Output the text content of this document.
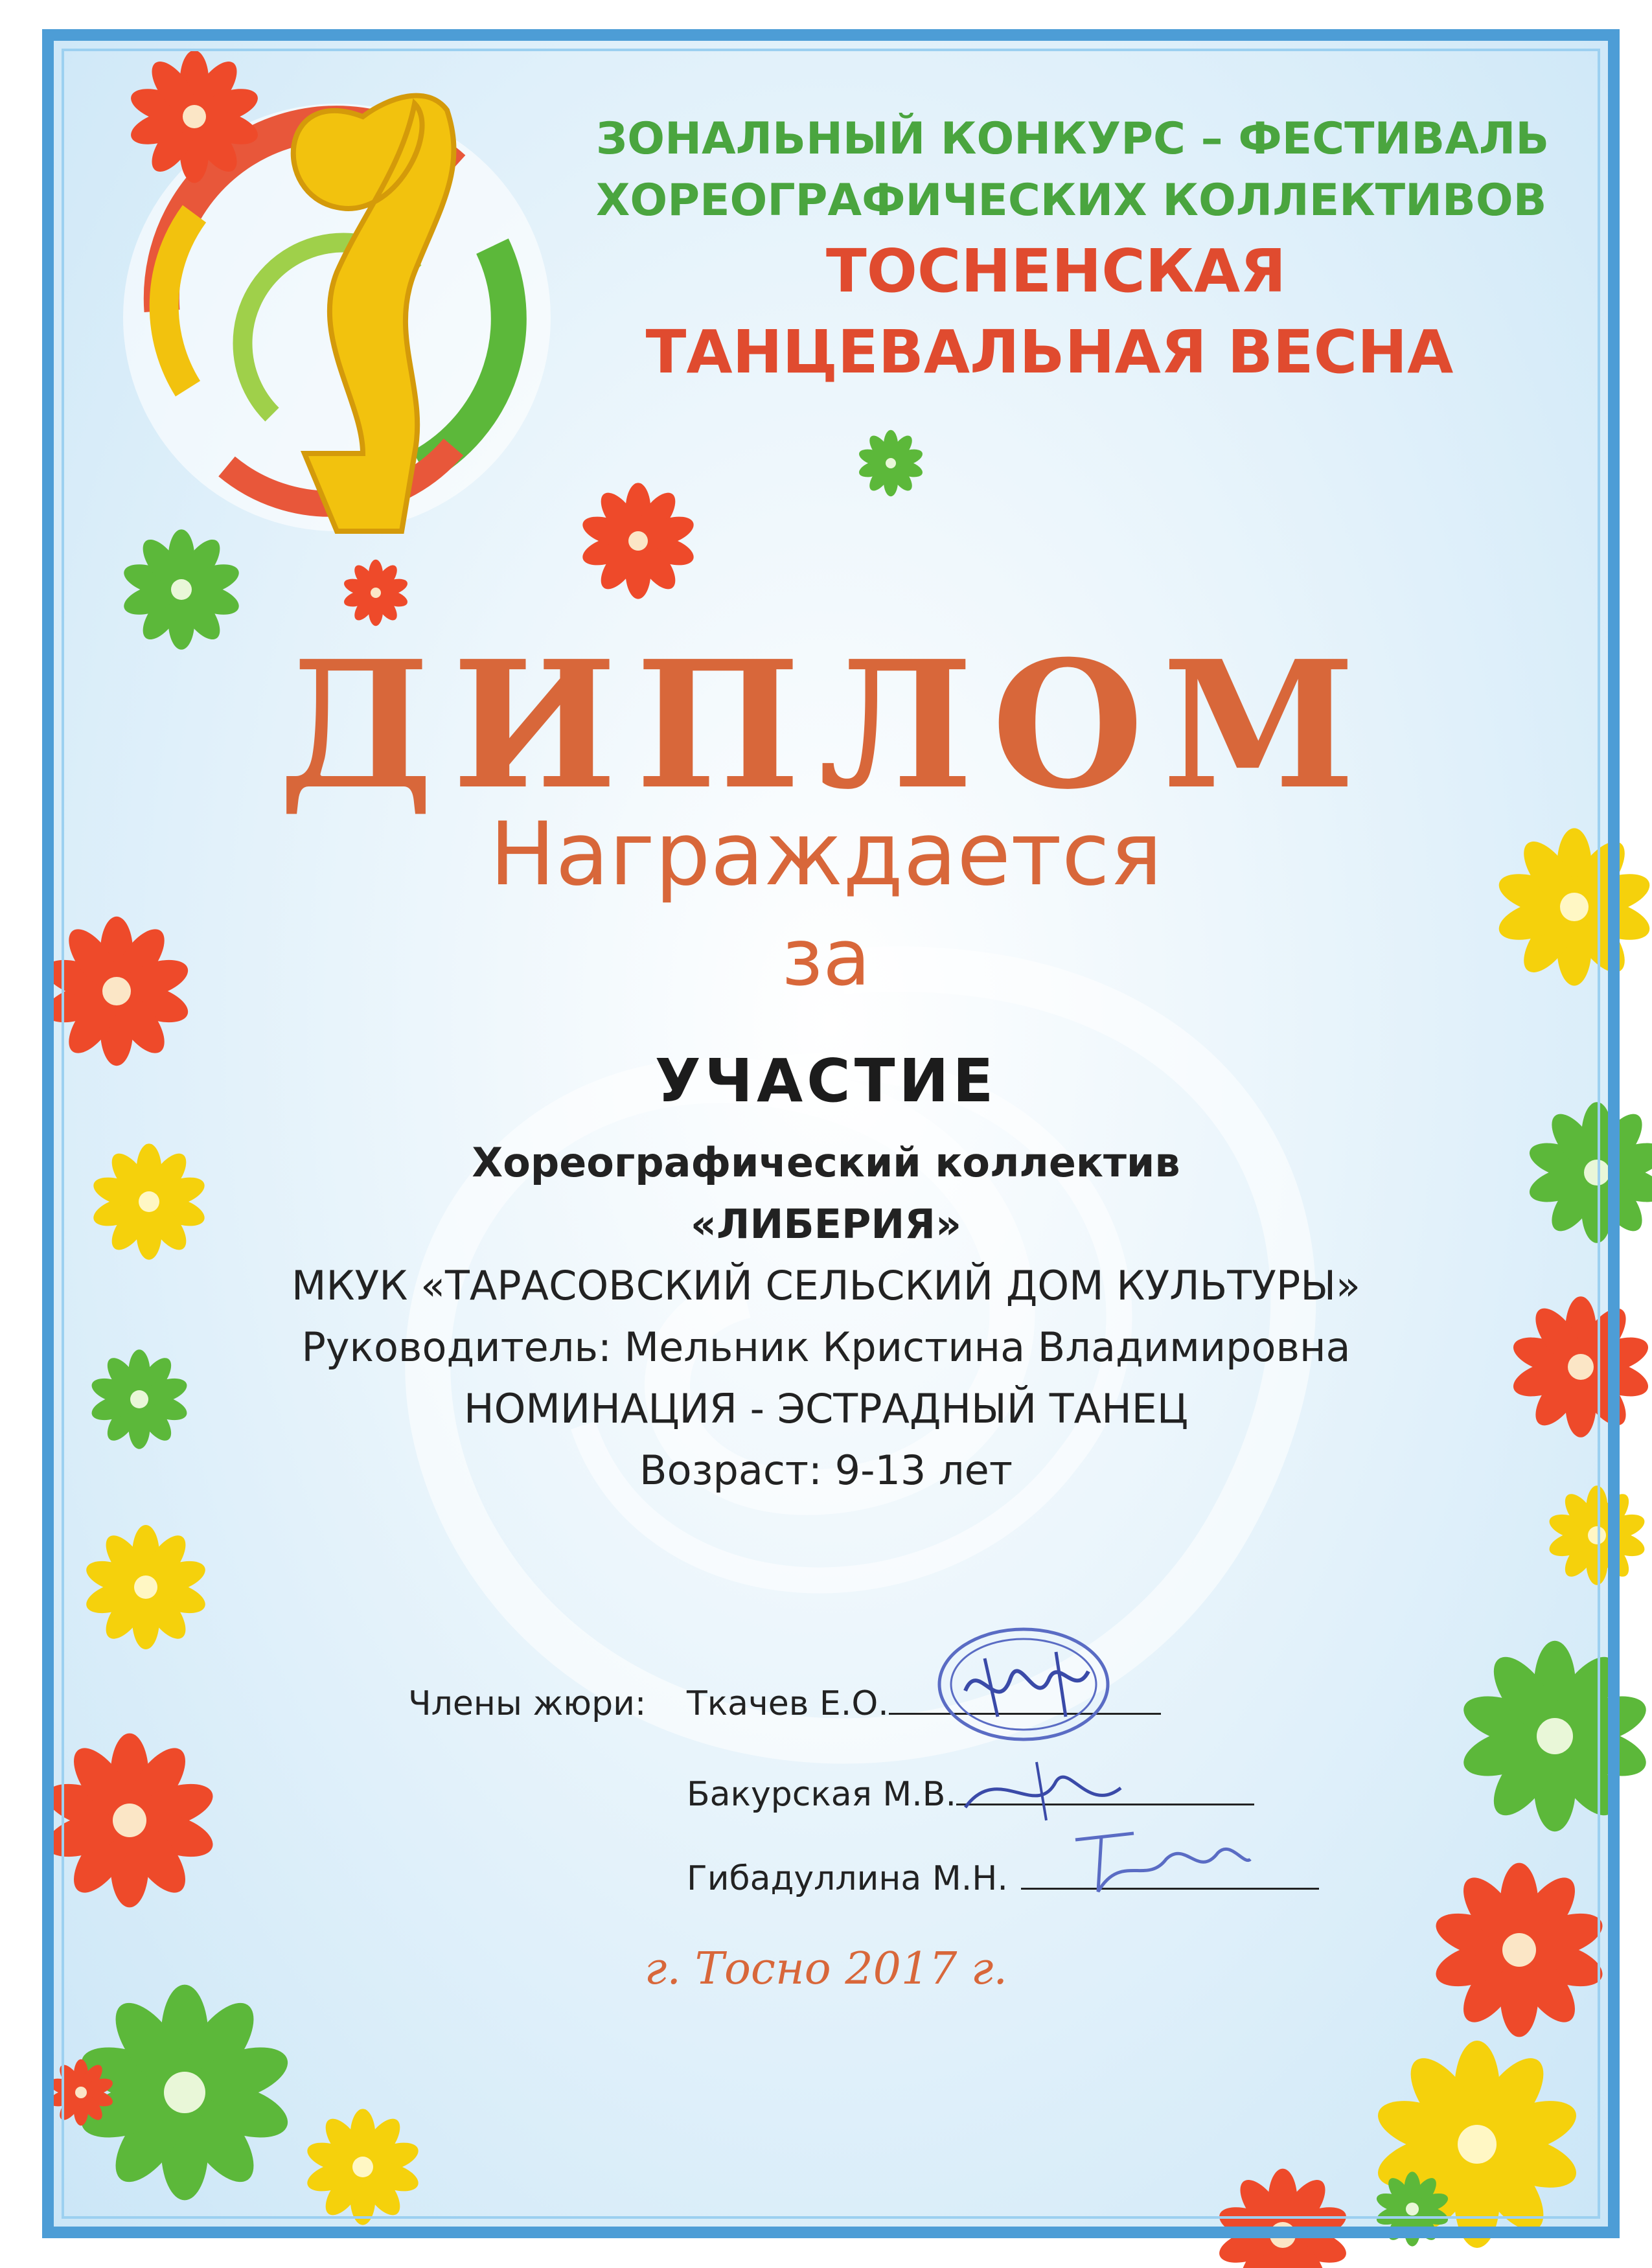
ЗОНАЛЬНЫЙ КОНКУРС – ФЕСТИВАЛЬ
ХОРЕОГРАФИЧЕСКИХ КОЛЛЕКТИВОВ
ТОСНЕНСКАЯ
ТАНЦЕВАЛЬНАЯ ВЕСНА
ДИПЛОМ
Награждается
за
УЧАСТИЕ
Хореографический коллектив
«ЛИБЕРИЯ»
МКУК «ТАРАСОВСКИЙ СЕЛЬСКИЙ ДОМ КУЛЬТУРЫ»
Руководитель: Мельник Кристина Владимировна
НОМИНАЦИЯ - ЭСТРАДНЫЙ ТАНЕЦ
Возраст: 9-13 лет
Члены жюри: Ткачев Е.О.
Бакурская М.В.
Гибадуллина М.Н.
г. Тосно 2017 г.
